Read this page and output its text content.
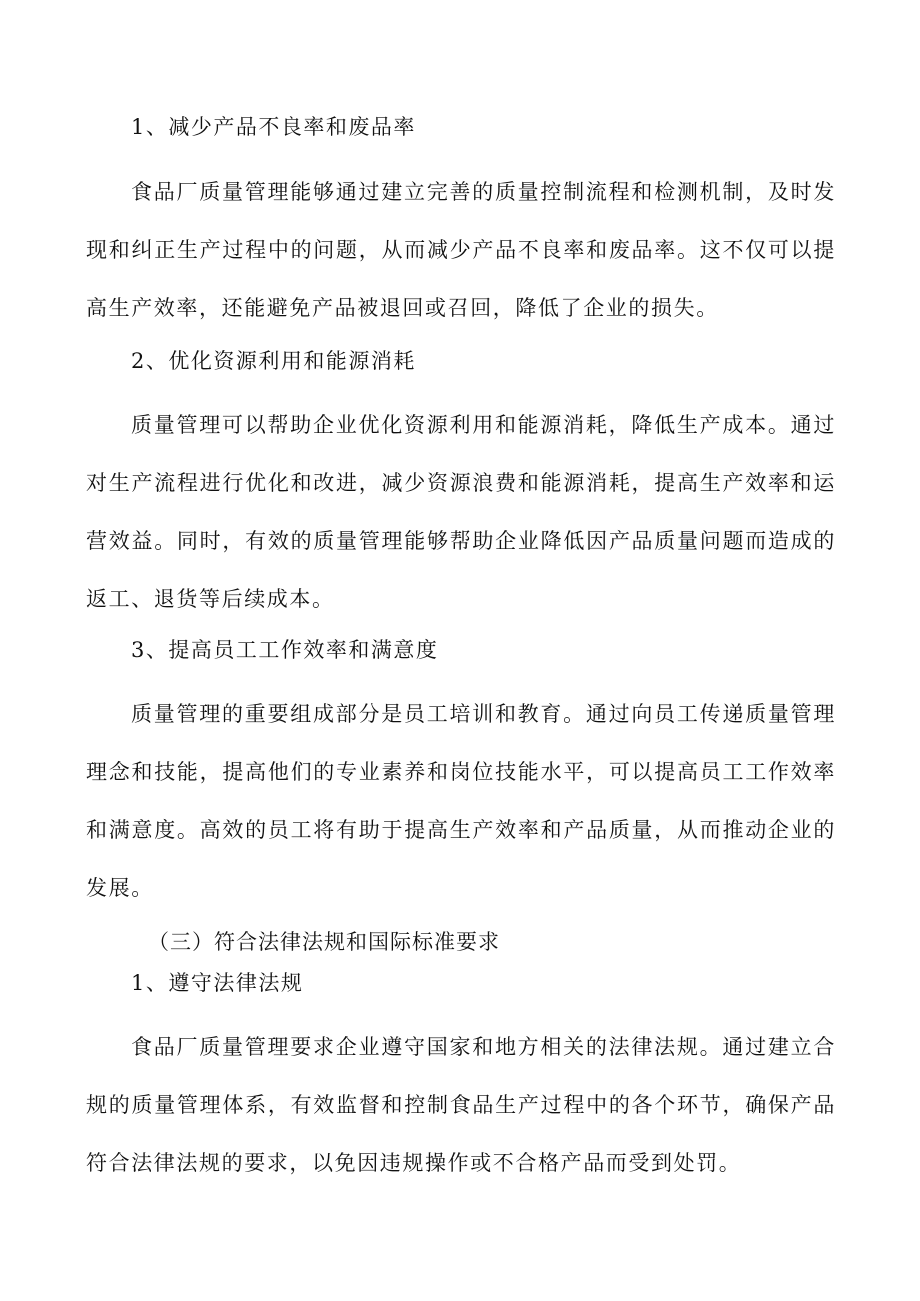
1、减少产品不良率和废品率
食品厂质量管理能够通过建立完善的质量控制流程和检测机制，及时发现和纠正生产过程中的问题，从而减少产品不良率和废品率。这不仅可以提高生产效率，还能避免产品被退回或召回，降低了企业的损失。
2、优化资源利用和能源消耗
质量管理可以帮助企业优化资源利用和能源消耗，降低生产成本。通过对生产流程进行优化和改进，减少资源浪费和能源消耗，提高生产效率和运营效益。同时，有效的质量管理能够帮助企业降低因产品质量问题而造成的返工、退货等后续成本。
3、提高员工工作效率和满意度
质量管理的重要组成部分是员工培训和教育。通过向员工传递质量管理理念和技能，提高他们的专业素养和岗位技能水平，可以提高员工工作效率和满意度。高效的员工将有助于提高生产效率和产品质量，从而推动企业的发展。
（三）符合法律法规和国际标准要求
1、遵守法律法规
食品厂质量管理要求企业遵守国家和地方相关的法律法规。通过建立合规的质量管理体系，有效监督和控制食品生产过程中的各个环节，确保产品符合法律法规的要求，以免因违规操作或不合格产品而受到处罚。
